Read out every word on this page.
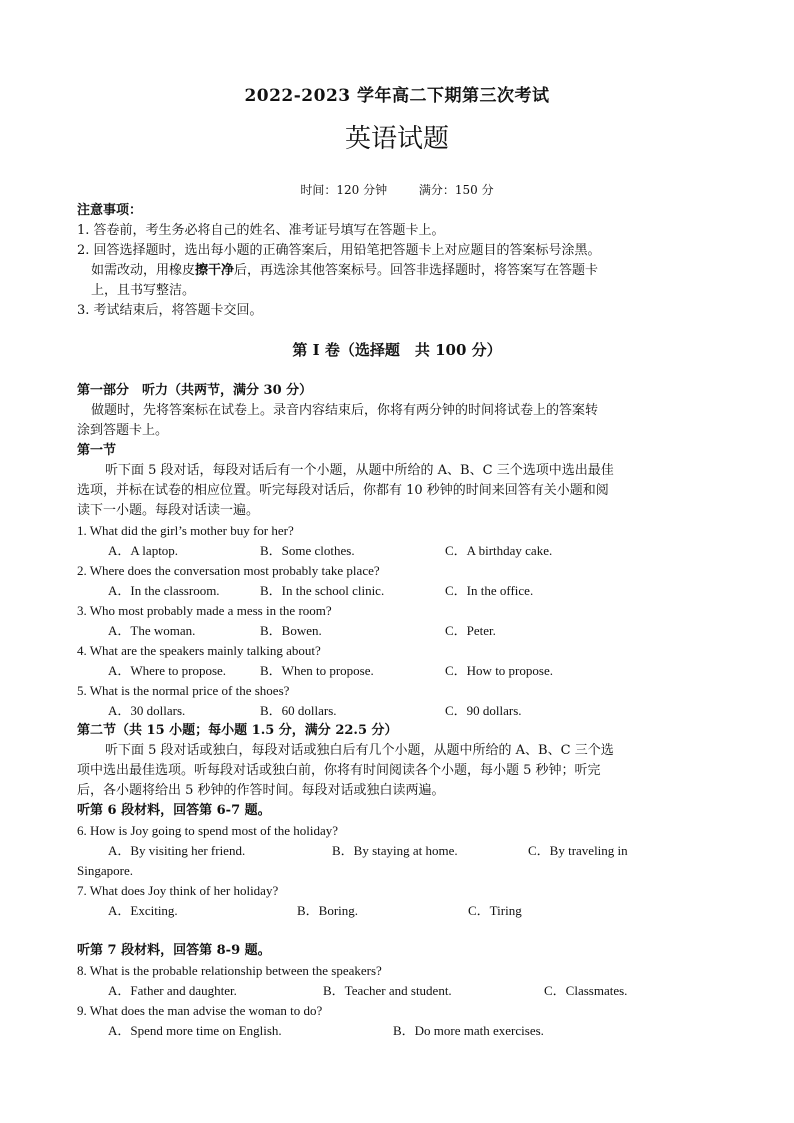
2022-2023 学年高二下期第三次考试
英语试题
时间：120 分钟	满分：150 分
注意事项：
1. 答卷前，考生务必将自己的姓名、准考证号填写在答题卡上。
2. 回答选择题时，选出每小题的正确答案后，用铅笔把答题卡上对应题目的答案标号涂黑。
如需改动，用橡皮擦干净后，再选涂其他答案标号。回答非选择题时，将答案写在答题卡
上，且书写整洁。
3. 考试结束后，将答题卡交回。
第 I 卷（选择题　共 100 分）
第一部分　听力（共两节，满分 30 分）
做题时，先将答案标在试卷上。录音内容结束后，你将有两分钟的时间将试卷上的答案转
涂到答题卡上。
第一节
听下面 5 段对话，每段对话后有一个小题，从题中所给的 A、B、C 三个选项中选出最佳
选项，并标在试卷的相应位置。听完每段对话后，你都有 10 秒钟的时间来回答有关小题和阅
读下一小题。每段对话读一遍。
1. What did the girl’s mother buy for her?
A．A laptop.	B．Some clothes.	C．A birthday cake.
2. Where does the conversation most probably take place?
A．In the classroom.	B．In the school clinic.	C．In the office.
3. Who most probably made a mess in the room?
A．The woman.	B．Bowen.	C．Peter.
4. What are the speakers mainly talking about?
A．Where to propose.	B．When to propose.	C．How to propose.
5. What is the normal price of the shoes?
A．30 dollars.	B．60 dollars.	C．90 dollars.
第二节（共 15 小题；每小题 1.5 分，满分 22.5 分）
听下面 5 段对话或独白，每段对话或独白后有几个小题，从题中所给的 A、B、C 三个选
项中选出最佳选项。听每段对话或独白前，你将有时间阅读各个小题，每小题 5 秒钟；听完
后，各小题将给出 5 秒钟的作答时间。每段对话或独白读两遍。
听第 6 段材料，回答第 6-7 题。
6. How is Joy going to spend most of the holiday?
A．By visiting her friend.	B．By staying at home.	C．By traveling in
Singapore.
7. What does Joy think of her holiday?
A．Exciting.	B．Boring.	C．Tiring
听第 7 段材料，回答第 8-9 题。
8. What is the probable relationship between the speakers?
A．Father and daughter.	B．Teacher and student.	C．Classmates.
9. What does the man advise the woman to do?
A．Spend more time on English.	B．Do more math exercises.
